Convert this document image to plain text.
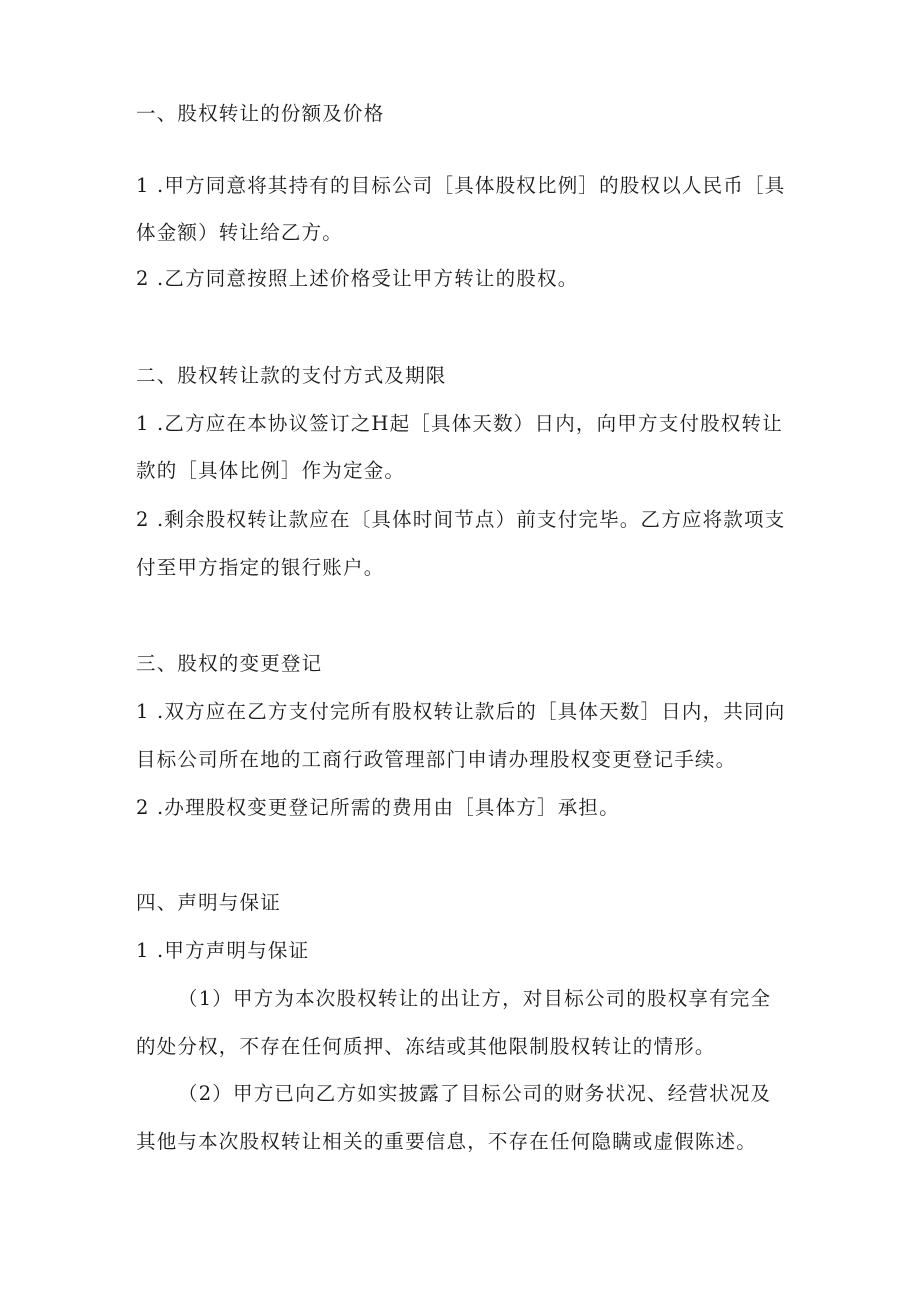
一、股权转让的份额及价格
1 .甲方同意将其持有的目标公司［具体股权比例］的股权以人民币［具
体金额）转让给乙方。
2 .乙方同意按照上述价格受让甲方转让的股权。
二、股权转让款的支付方式及期限
1 .乙方应在本协议签订之H起［具体天数）日内，向甲方支付股权转让
款的［具体比例］作为定金。
2 .剩余股权转让款应在〔具体时间节点）前支付完毕。乙方应将款项支
付至甲方指定的银行账户。
三、股权的变更登记
1 .双方应在乙方支付完所有股权转让款后的［具体天数］日内，共同向
目标公司所在地的工商行政管理部门申请办理股权变更登记手续。
2 .办理股权变更登记所需的费用由［具体方］承担。
四、声明与保证
1 .甲方声明与保证
（1）甲方为本次股权转让的出让方，对目标公司的股权享有完全
的处分权，不存在任何质押、冻结或其他限制股权转让的情形。
（2）甲方已向乙方如实披露了目标公司的财务状况、经营状况及
其他与本次股权转让相关的重要信息，不存在任何隐瞒或虚假陈述。
